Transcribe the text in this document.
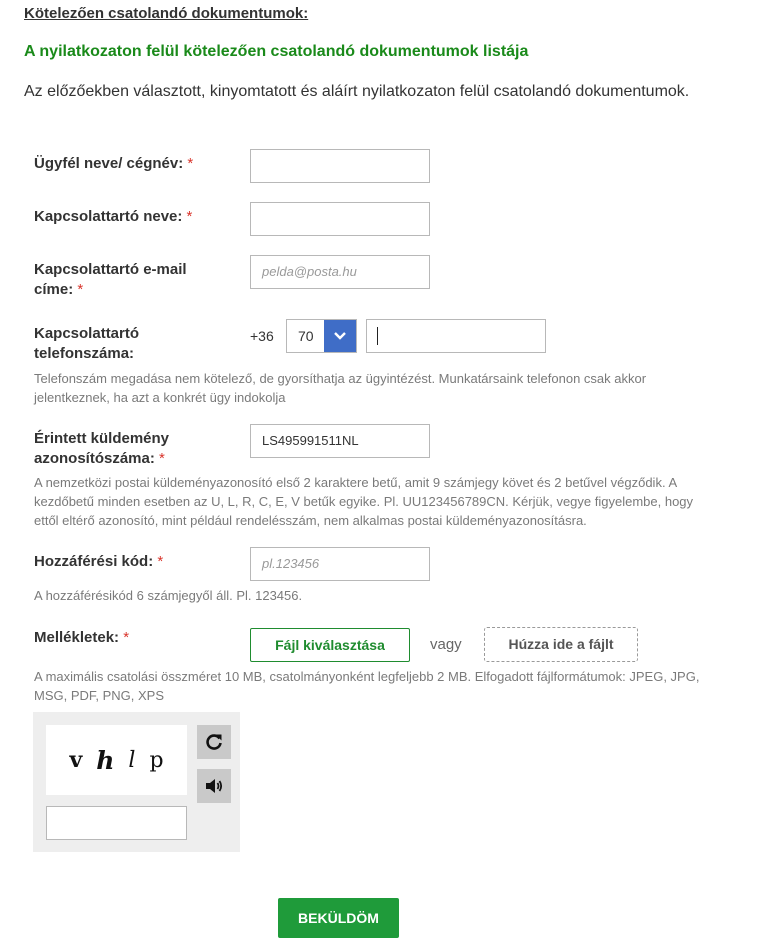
Kötelezően csatolandó dokumentumok:
A nyilatkozaton felül kötelezően csatolandó dokumentumok listája
Az előzőekben választott, kinyomtatott és aláírt nyilatkozaton felül csatolandó dokumentumok.
Ügyfél neve/ cégnév: *
Kapcsolattartó neve: *
Kapcsolattartó e-mail
címe: *
pelda@posta.hu
Kapcsolattartó
telefonszáma:
+36	70
Telefonszám megadása nem kötelező, de gyorsíthatja az ügyintézést. Munkatársaink telefonon csak akkor
jelentkeznek, ha azt a konkrét ügy indokolja
Érintett küldemény
azonosítószáma: *
LS495991511NL
A nemzetközi postai küldeményazonosító első 2 karaktere betű, amit 9 számjegy követ és 2 betűvel végződik. A
kezdőbetű minden esetben az U, L, R, C, E, V betűk egyike. Pl. UU123456789CN. Kérjük, vegye figyelembe, hogy
ettől eltérő azonosító, mint például rendelésszám, nem alkalmas postai küldeményazonosításra.
Hozzáférési kód: *	pl.123456
A hozzáférésikód 6 számjegyől áll. Pl. 123456.
Mellékletek: *	Fájl kiválasztása	vagy	Húzza ide a fájlt
A maximális csatolási összméret 10 MB, csatolmányonként legfeljebb 2 MB. Elfogadott fájlformátumok: JPEG, JPG,
MSG, PDF, PNG, XPS
v h l p
BEKÜLDÖM
